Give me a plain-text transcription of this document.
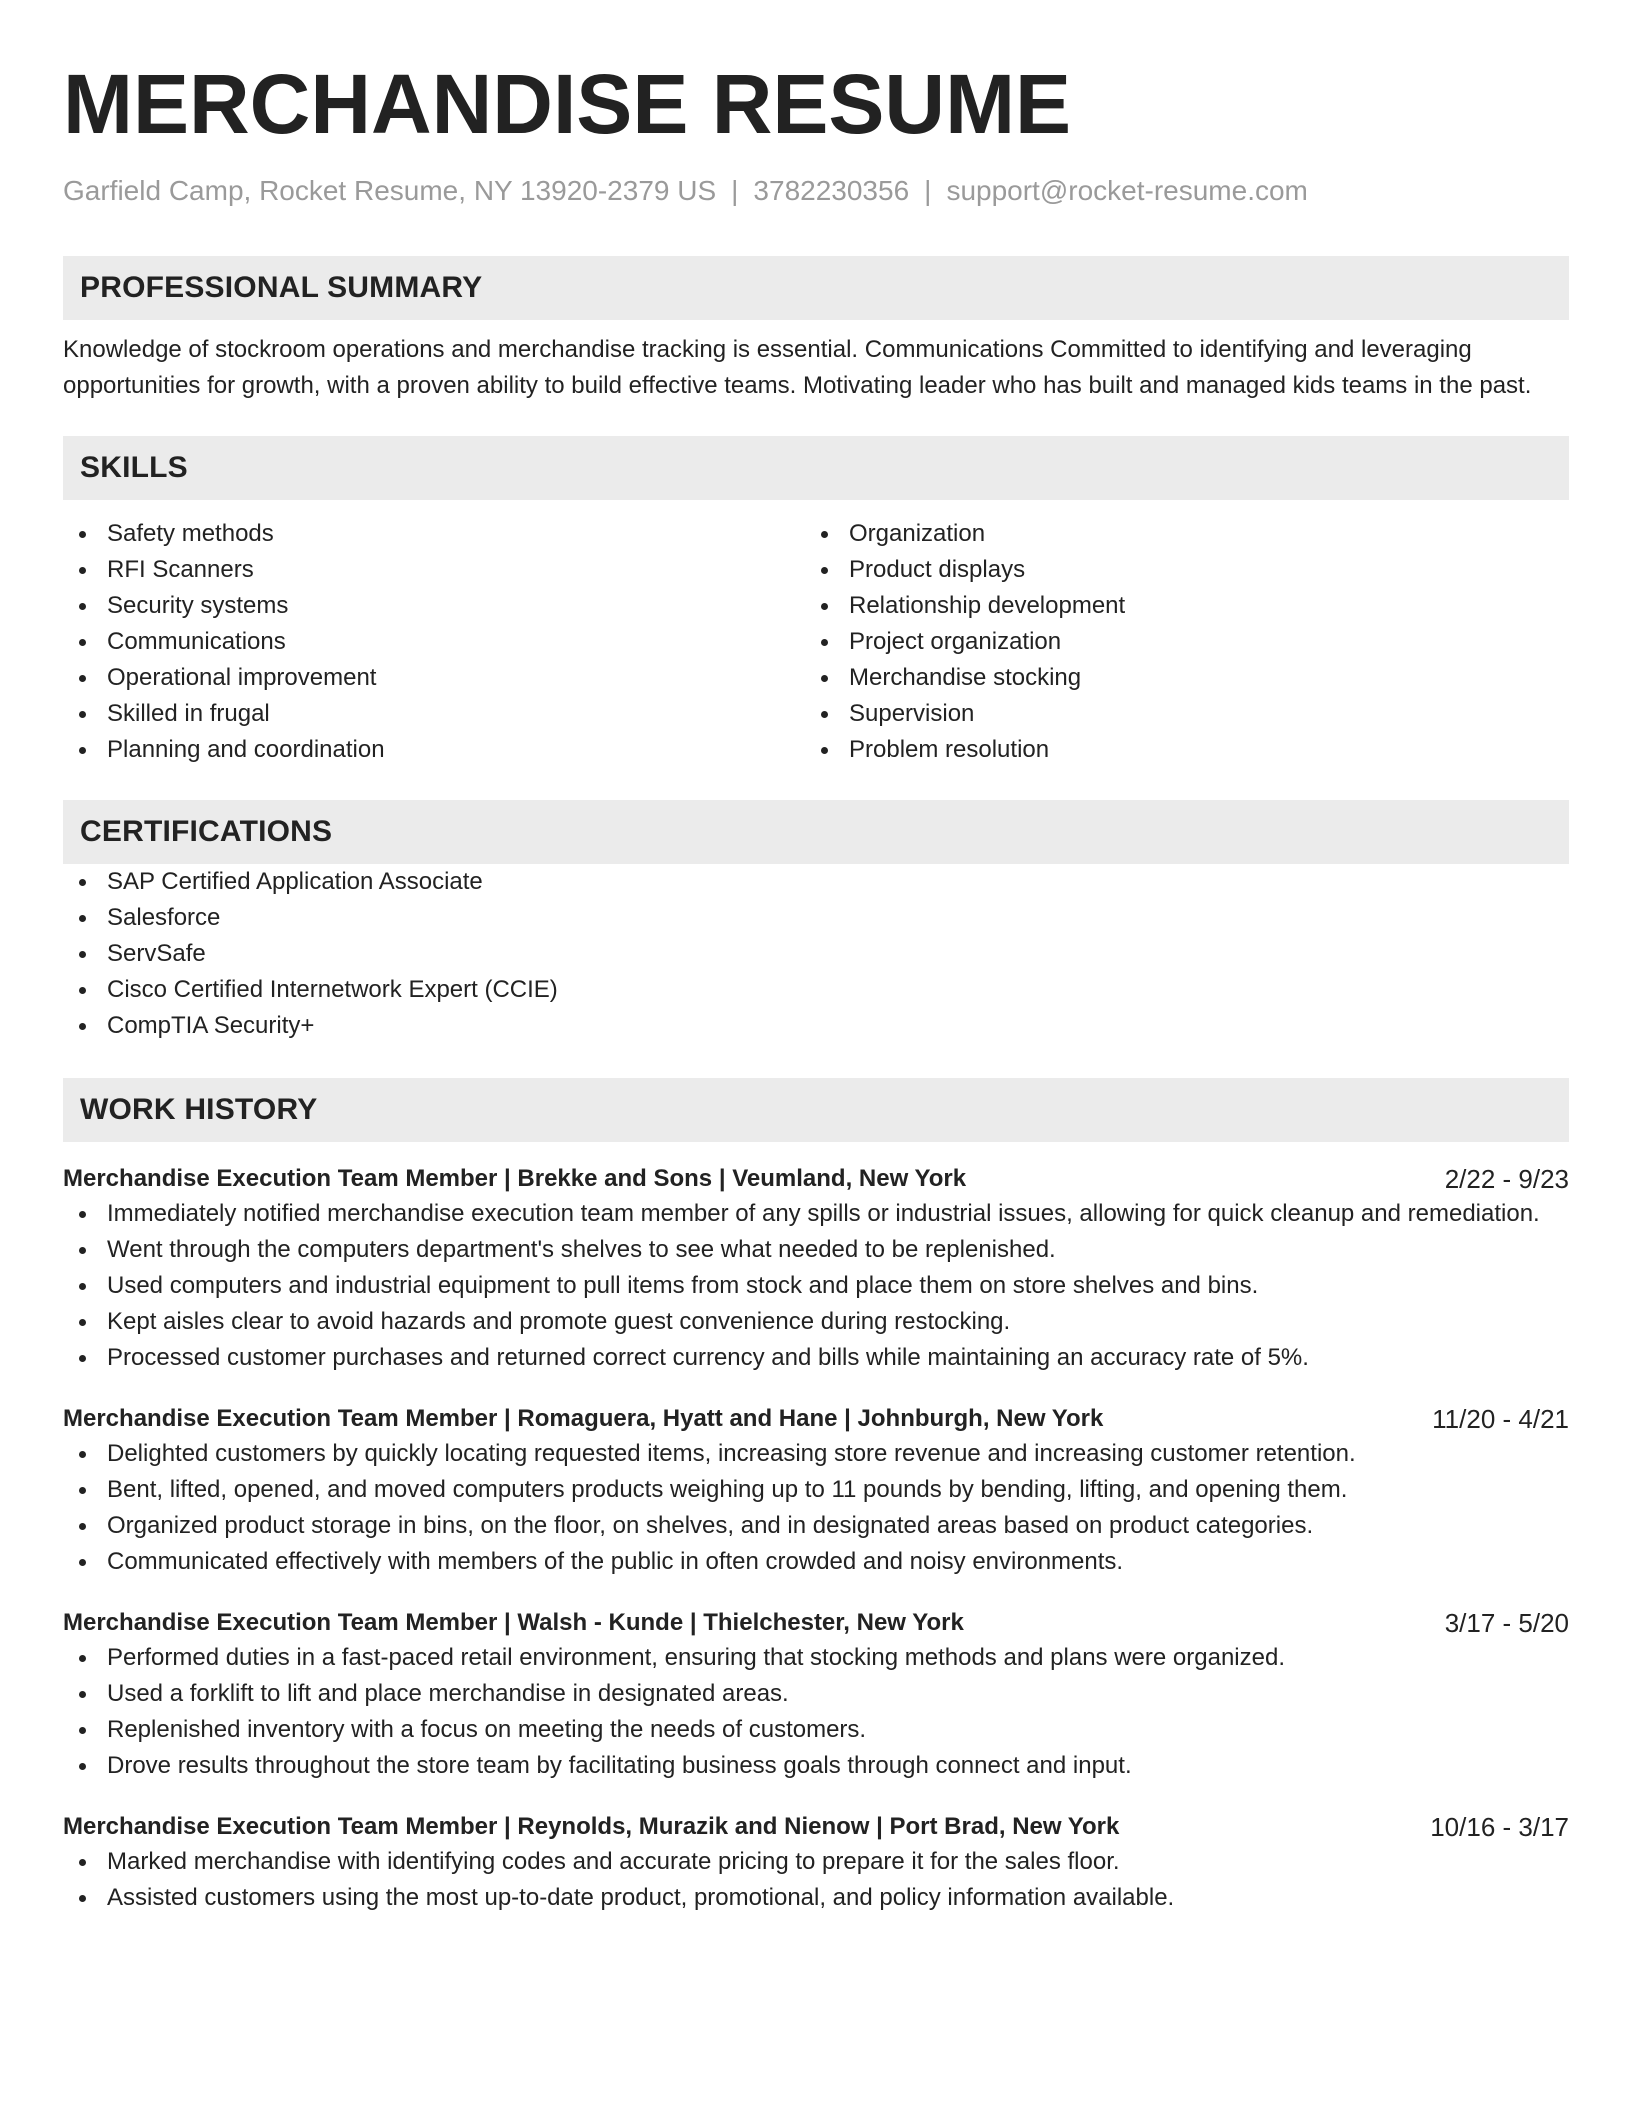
MERCHANDISE RESUME
Garfield Camp, Rocket Resume, NY 13920-2379 US | 3782230356 | support@rocket-resume.com
PROFESSIONAL SUMMARY
Knowledge of stockroom operations and merchandise tracking is essential. Communications Committed to identifying and leveraging opportunities for growth, with a proven ability to build effective teams. Motivating leader who has built and managed kids teams in the past.
SKILLS
Safety methods
RFI Scanners
Security systems
Communications
Operational improvement
Skilled in frugal
Planning and coordination
Organization
Product displays
Relationship development
Project organization
Merchandise stocking
Supervision
Problem resolution
CERTIFICATIONS
SAP Certified Application Associate
Salesforce
ServSafe
Cisco Certified Internetwork Expert (CCIE)
CompTIA Security+
WORK HISTORY
Merchandise Execution Team Member | Brekke and Sons | Veumland, New York	2/22 - 9/23
Immediately notified merchandise execution team member of any spills or industrial issues, allowing for quick cleanup and remediation.
Went through the computers department's shelves to see what needed to be replenished.
Used computers and industrial equipment to pull items from stock and place them on store shelves and bins.
Kept aisles clear to avoid hazards and promote guest convenience during restocking.
Processed customer purchases and returned correct currency and bills while maintaining an accuracy rate of 5%.
Merchandise Execution Team Member | Romaguera, Hyatt and Hane | Johnburgh, New York	11/20 - 4/21
Delighted customers by quickly locating requested items, increasing store revenue and increasing customer retention.
Bent, lifted, opened, and moved computers products weighing up to 11 pounds by bending, lifting, and opening them.
Organized product storage in bins, on the floor, on shelves, and in designated areas based on product categories.
Communicated effectively with members of the public in often crowded and noisy environments.
Merchandise Execution Team Member | Walsh - Kunde | Thielchester, New York	3/17 - 5/20
Performed duties in a fast-paced retail environment, ensuring that stocking methods and plans were organized.
Used a forklift to lift and place merchandise in designated areas.
Replenished inventory with a focus on meeting the needs of customers.
Drove results throughout the store team by facilitating business goals through connect and input.
Merchandise Execution Team Member | Reynolds, Murazik and Nienow | Port Brad, New York	10/16 - 3/17
Marked merchandise with identifying codes and accurate pricing to prepare it for the sales floor.
Assisted customers using the most up-to-date product, promotional, and policy information available.
